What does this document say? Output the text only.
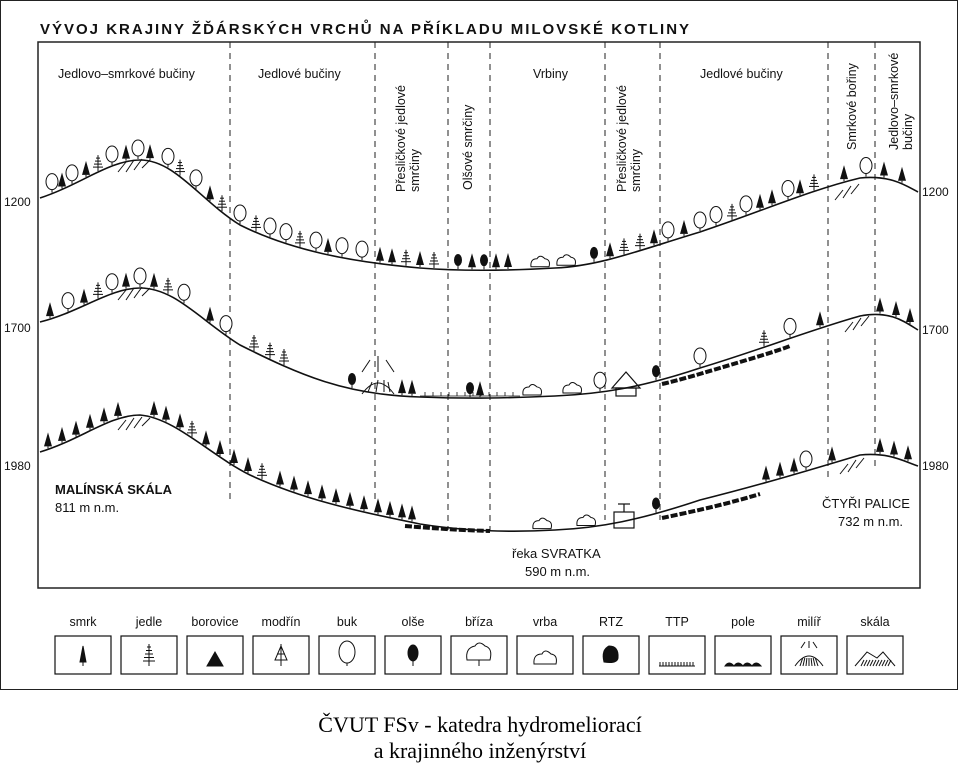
VÝVOJ KRAJINY ŽĎÁRSKÝCH VRCHŮ NA PŘÍKLADU MILOVSKÉ KOTLINY
Jedlovo–smrkové bučiny	Jedlové bučiny
Přesličkové jedlovésmrčiny	Olšové smrčiny
Vrbiny
Přesličkové jedlovésmrčiny
Jedlové bučiny	Smrkové bořiny Jedlovo–smrkovébučiny
1200
1200
1700	1700
1980	1980
MALÍNSKÁ SKÁLA
811 m n.m.
řeka SVRATKA
590 m n.m.
ČTYŘI PALICE
732 m n.m.
smrk	jedle borovice modřín	buk	olše	bříza	vrba	RTZ	TTP	pole	milíř	skála
ČVUT FSv - katedra hydromeliorací
a krajinného inženýrství
